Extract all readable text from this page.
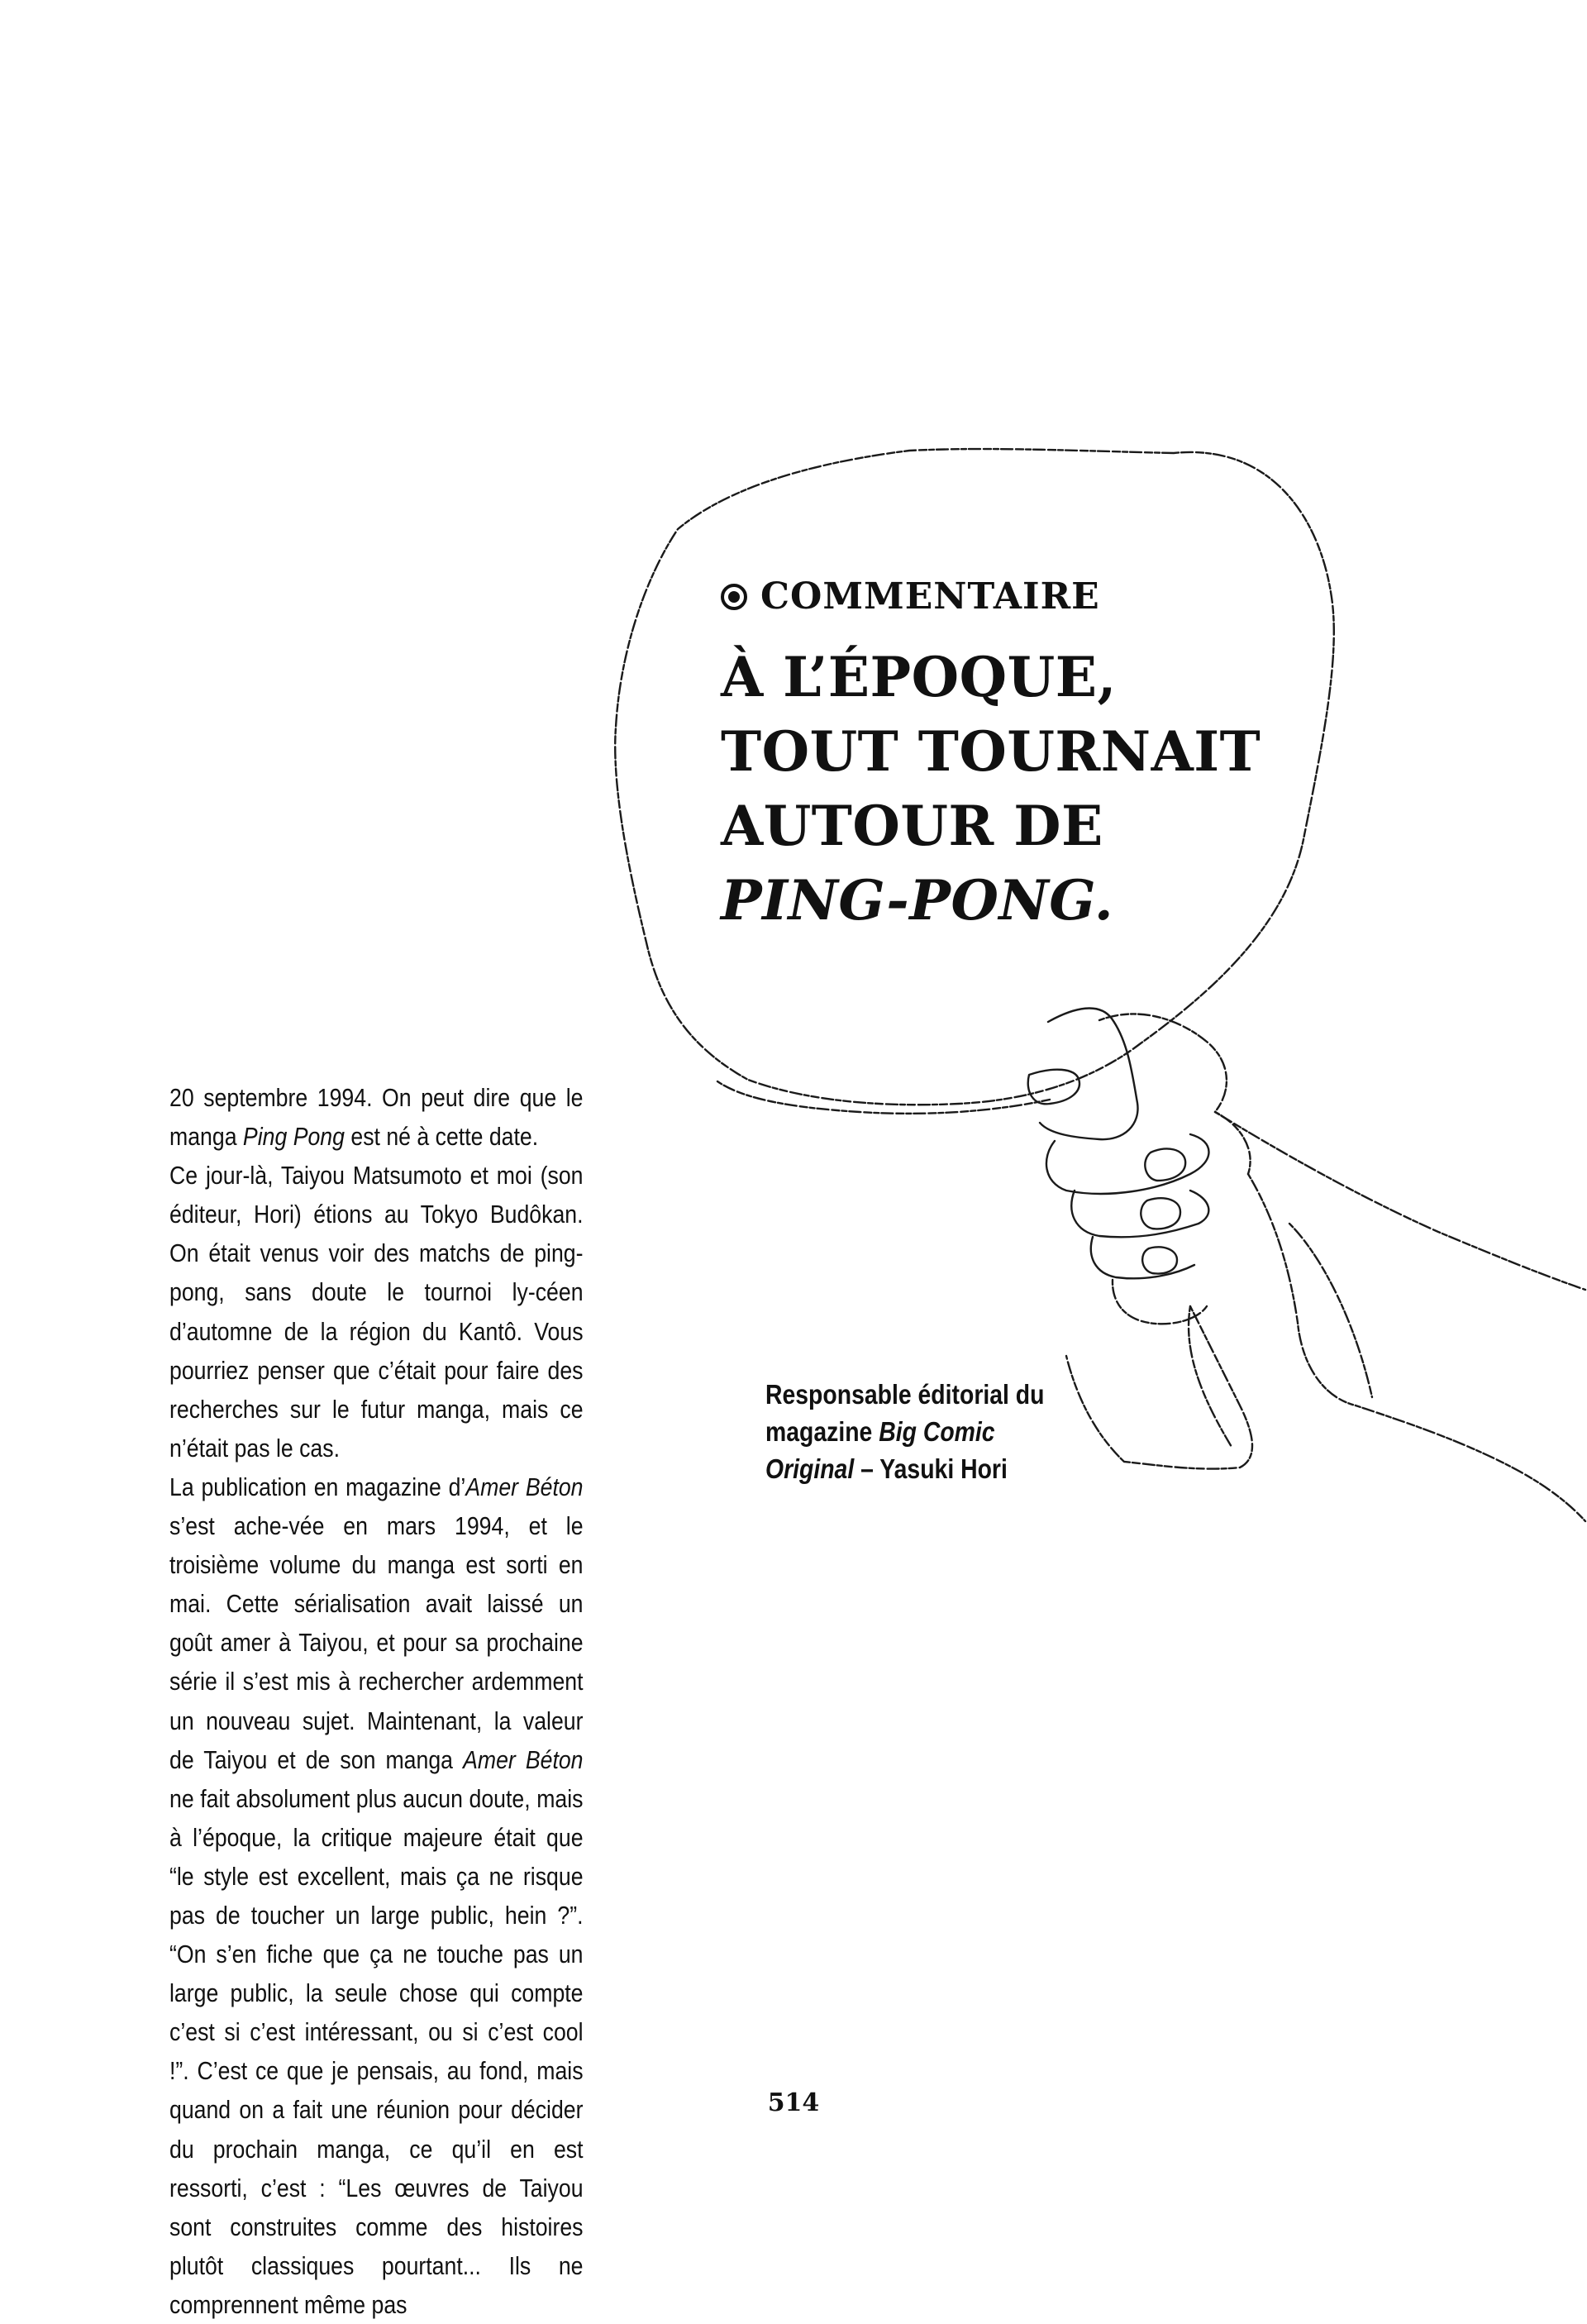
COMMENTAIRE
À L’ÉPOQUE,
TOUT TOURNAIT
AUTOUR DE
PING-PONG.

20 septembre 1994. On peut dire que le manga Ping Pong est né à cette date.

Ce jour-là, Taiyou Matsumoto et moi (son éditeur, Hori) étions au Tokyo Budôkan. On était venus voir des matchs de ping-pong, sans doute le tournoi ly-céen d’automne de la région du Kantô. Vous pourriez penser que c’était pour faire des recherches sur le futur manga, mais ce n’était pas le cas.

La publication en magazine d’Amer Béton s’est ache-vée en mars 1994, et le troisième volume du manga est sorti en mai. Cette sérialisation avait laissé un goût amer à Taiyou, et pour sa prochaine série il s’est mis à rechercher ardemment un nouveau sujet. Maintenant, la valeur de Taiyou et de son manga Amer Béton ne fait absolument plus aucun doute, mais à l’époque, la critique majeure était que “le style est excellent, mais ça ne risque pas de toucher un large public, hein ?”. “On s’en fiche que ça ne touche pas un large public, la seule chose qui compte c’est si c’est intéressant, ou si c’est cool !”. C’est ce que je pensais, au fond, mais quand on a fait une réunion pour décider du prochain manga, ce qu’il en est ressorti, c’est : “Les œuvres de Taiyou sont construites comme des histoires plutôt classiques pourtant... Ils ne comprennent même pas

Responsable éditorial du magazine Big Comic Original – Yasuki Hori
514
